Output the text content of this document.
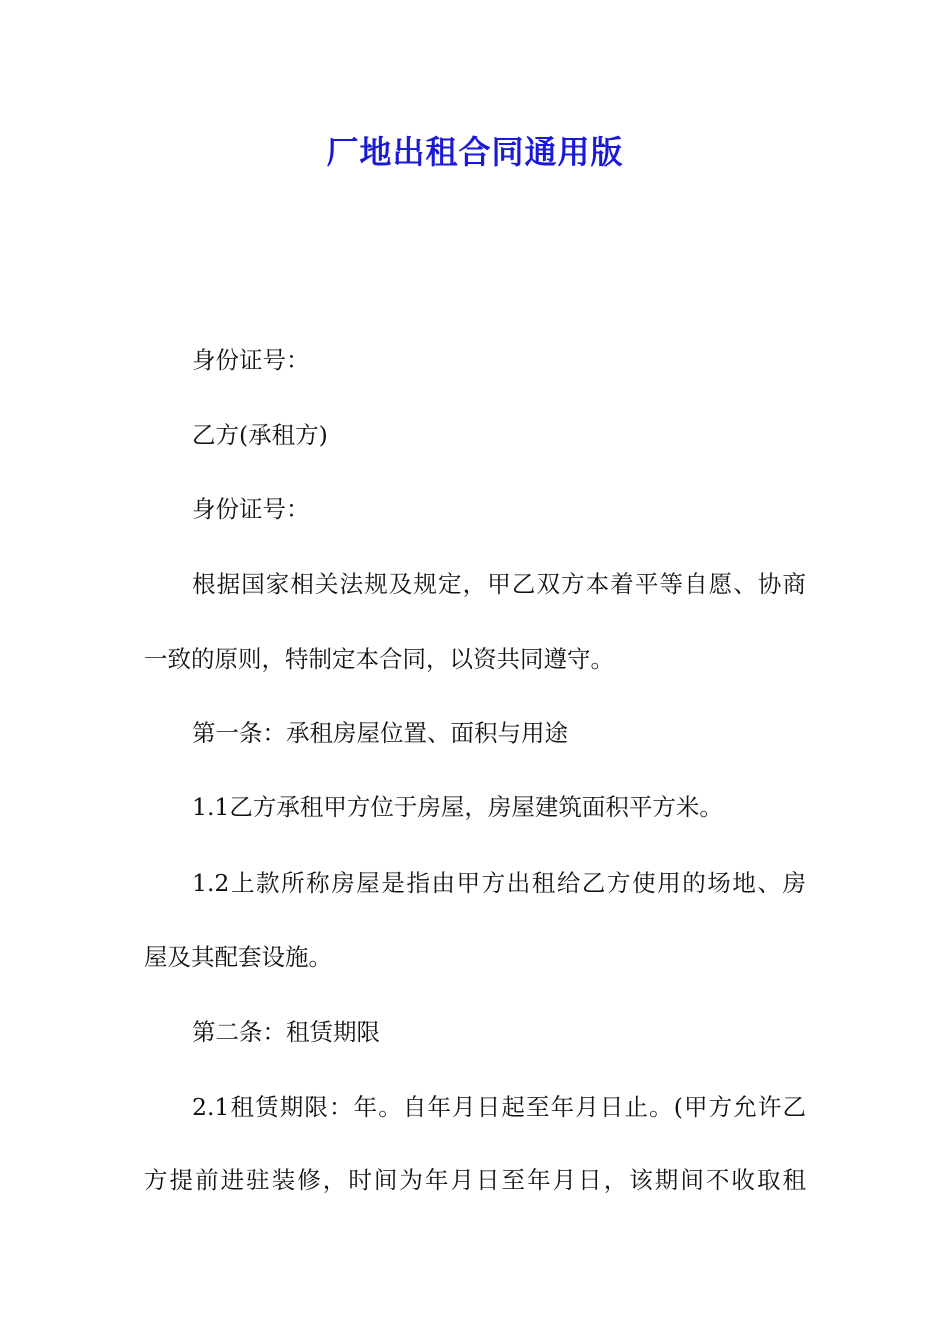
厂地出租合同通用版
身份证号：
乙方(承租方)
身份证号：
根据国家相关法规及规定，甲乙双方本着平等自愿、协商
一致的原则，特制定本合同，以资共同遵守。
第一条：承租房屋位置、面积与用途
1.1乙方承租甲方位于房屋，房屋建筑面积平方米。
1.2上款所称房屋是指由甲方出租给乙方使用的场地、房
屋及其配套设施。
第二条：租赁期限
2.1租赁期限：年。自年月日起至年月日止。(甲方允许乙
方提前进驻装修，时间为年月日至年月日，该期间不收取租
